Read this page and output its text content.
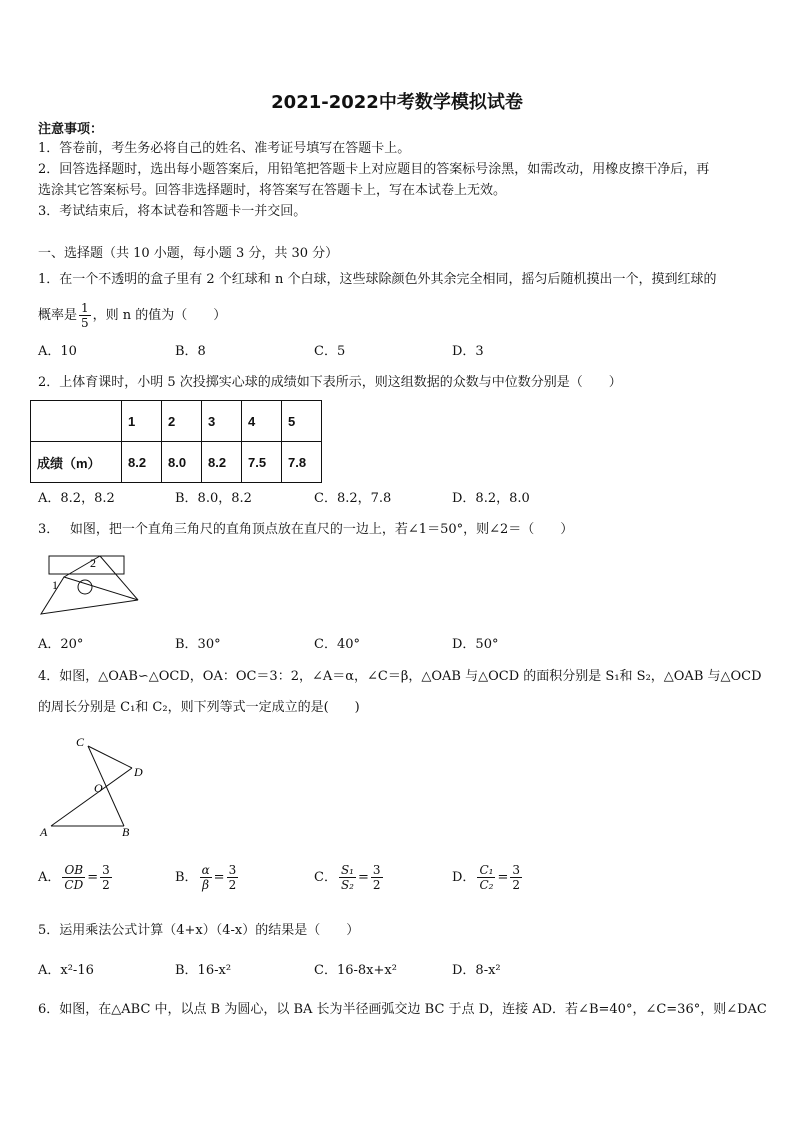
2021-2022中考数学模拟试卷
注意事项：
1．答卷前，考生务必将自己的姓名、准考证号填写在答题卡上。
2．回答选择题时，选出每小题答案后，用铅笔把答题卡上对应题目的答案标号涂黑，如需改动，用橡皮擦干净后，再
选涂其它答案标号。回答非选择题时，将答案写在答题卡上，写在本试卷上无效。
3．考试结束后，将本试卷和答题卡一并交回。
一、选择题（共 10 小题，每小题 3 分，共 30 分）
1．在一个不透明的盒子里有 2 个红球和 n 个白球，这些球除颜色外其余完全相同，摇匀后随机摸出一个，摸到红球的
概率是 $\frac{1}{5}$ ，则 n 的值为（　　）
A．10	B．8	C．5	D．3
2．上体育课时，小明 5 次投掷实心球的成绩如下表所示，则这组数据的众数与中位数分别是（　　）
	1	2	3	4	5
成绩（m）	8.2	8.0	8.2	7.5	7.8
A．8.2，8.2	B．8.0，8.2	C．8.2，7.8	D．8.2，8.0
3．　 如图，把一个直角三角尺的直角顶点放在直尺的一边上，若∠1＝50°，则∠2＝（　　）
2
1
A．20°	B．30°	C．40°	D．50°
4．如图，△OAB∽△OCD，OA：OC＝3：2，∠A＝α，∠C＝β，△OAB 与△OCD 的面积分别是 S₁和 S₂，△OAB 与△OCD
的周长分别是 C₁和 C₂，则下列等式一定成立的是(　　)
C
D
O
A	B
A． $\frac{OB}{CD} = \frac{3}{2}$	B． $\frac{\alpha}{\beta} = \frac{3}{2}$	C． $\frac{\text{S₁}}{\text{S₂}} = \frac{3}{2}$	D． $\frac{\text{C₁}}{\text{C₂}} = \frac{3}{2}$
5．运用乘法公式计算（4+x）（4-x）的结果是（　　）
A．x²-16	B．16-x²	C．16-8x+x²	D．8-x²
6．如图，在△ABC 中，以点 B 为圆心，以 BA 长为半径画弧交边 BC 于点 D，连接 AD．若∠B=40°，∠C=36°，则∠DAC
